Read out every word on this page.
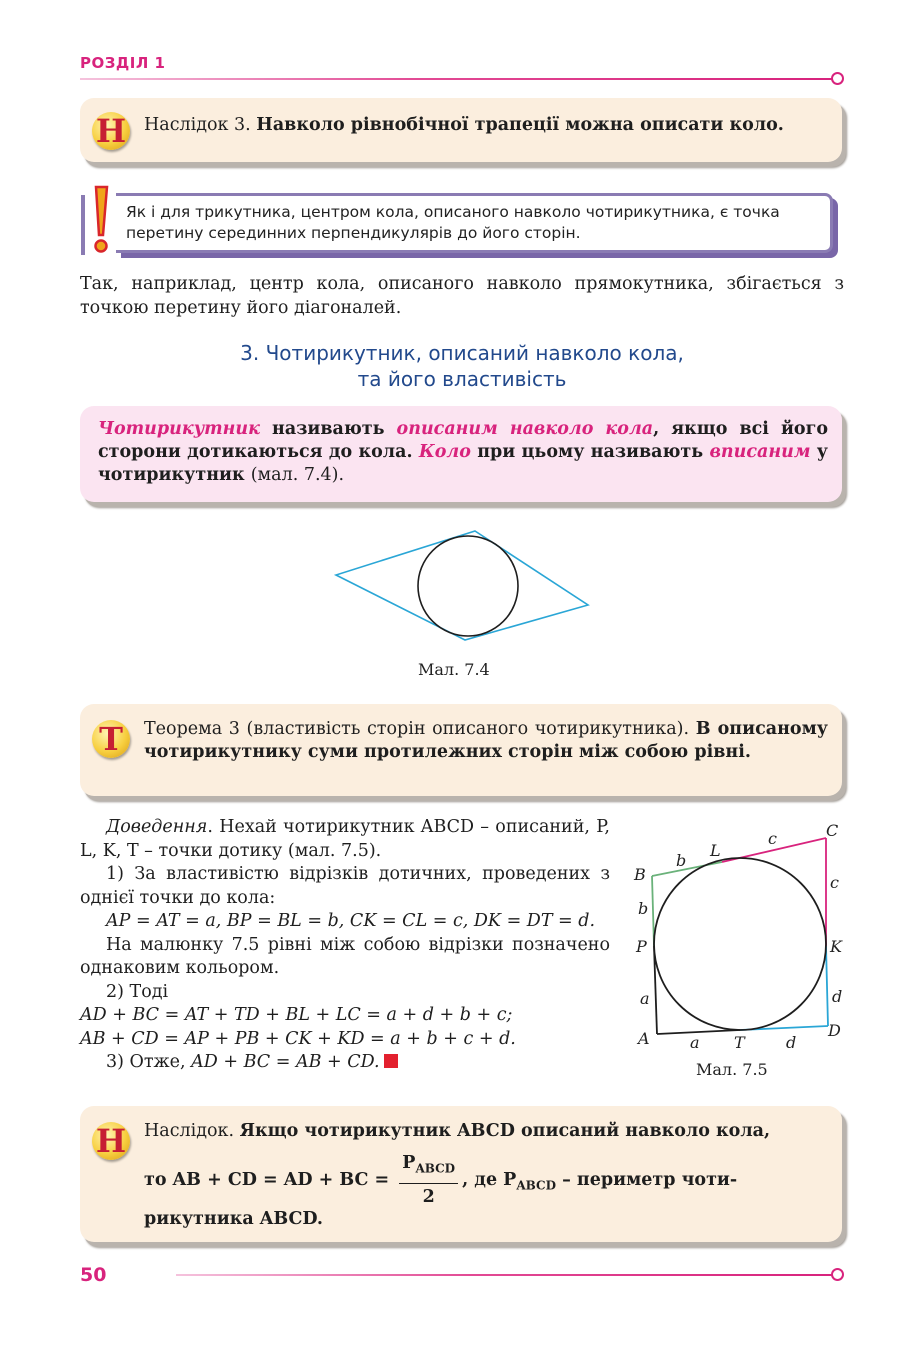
РОЗДІЛ 1
Н Наслідок 3. Навколо рівнобічної трапеції можна описати коло.
Як і для трикутника, центром кола, описаного навколо чотирикутника, є точка перетину серединних перпендикулярів до його сторін.
Так, наприклад, центр кола, описаного навколо прямокутника, збігається з точкою перетину його діагоналей.
3. Чотирикутник, описаний навколо кола,
та його властивість
Чотирикутник називають описаним навколо кола, якщо всі його сторони дотикаються до кола. Коло при цьому називають вписаним у чотирикутник (мал. 7.4).
Мал. 7.4
Т	Теорема 3 (властивість сторін описаного чотирикутника). В описаному чотирикутнику суми протилежних сторін між собою рівні.
Доведення. Нехай чотирикутник ABCD – описаний, P, L, K, T – точки дотику (мал. 7.5).
1) За властивістю відрізків дотичних, проведених з однієї точки до кола:
AP = AT = a, BP = BL = b, CK = CL = c, DK = DT = d.
На малюнку 7.5 рівні між собою відрізки позначено однаковим кольором.
2) Тоді
AD + BC = AT + TD + BL + LC = a + d + b + c;
AB + CD = AP + PB + CK + KD = a + b + c + d.
3) Отже, AD + BC = AB + CD.
B
L
C
K
P
A	T
D
b
b
c
c
a
a
d
d
Мал. 7.5
Н Наслідок. Якщо чотирикутник ABCD описаний навколо кола,
то AB + CD = AD + BC = $\frac{P_{ABCD}}{2}$ , де $P_{ABCD}$ – периметр чоти-
рикутника ABCD.
50
